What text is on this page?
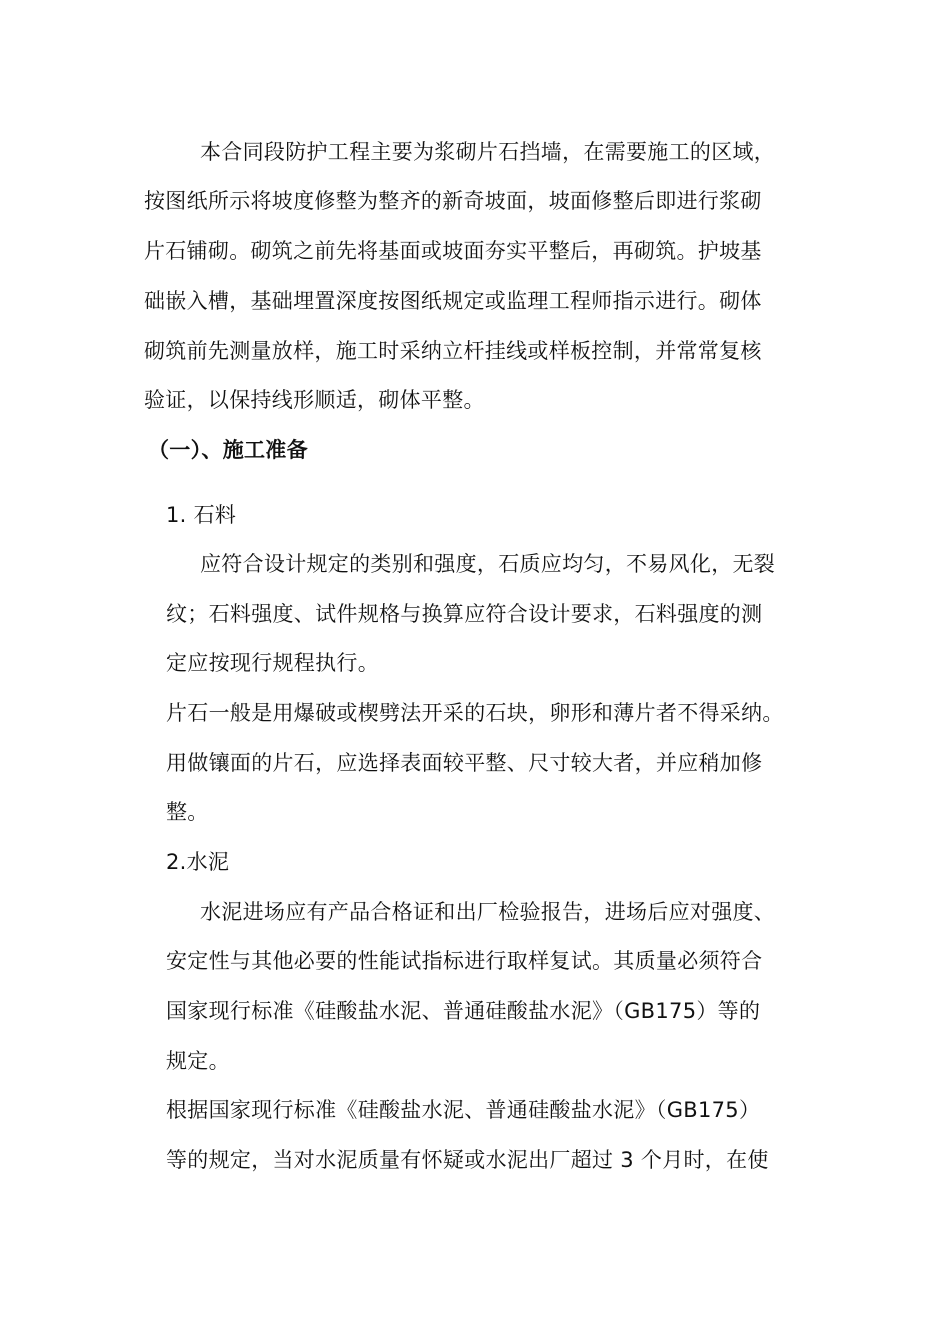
本合同段防护工程主要为浆砌片石挡墙，在需要施工的区域，
按图纸所示将坡度修整为整齐的新奇坡面，坡面修整后即进行浆砌
片石铺砌。砌筑之前先将基面或坡面夯实平整后，再砌筑。护坡基
础嵌入槽，基础埋置深度按图纸规定或监理工程师指示进行。砌体
砌筑前先测量放样，施工时采纳立杆挂线或样板控制，并常常复核
验证，以保持线形顺适，砌体平整。
（一）、施工准备
1. 石料
应符合设计规定的类别和强度，石质应均匀，不易风化，无裂
纹；石料强度、试件规格与换算应符合设计要求，石料强度的测
定应按现行规程执行。
片石一般是用爆破或楔劈法开采的石块，卵形和薄片者不得采纳。
用做镶面的片石，应选择表面较平整、尺寸较大者，并应稍加修
整。
2.水泥
水泥进场应有产品合格证和出厂检验报告，进场后应对强度、
安定性与其他必要的性能试指标进行取样复试。其质量必须符合
国家现行标准《硅酸盐水泥、普通硅酸盐水泥》（GB175）等的
规定。
根据国家现行标准《硅酸盐水泥、普通硅酸盐水泥》（GB175）
等的规定，当对水泥质量有怀疑或水泥出厂超过 3 个月时，在使
